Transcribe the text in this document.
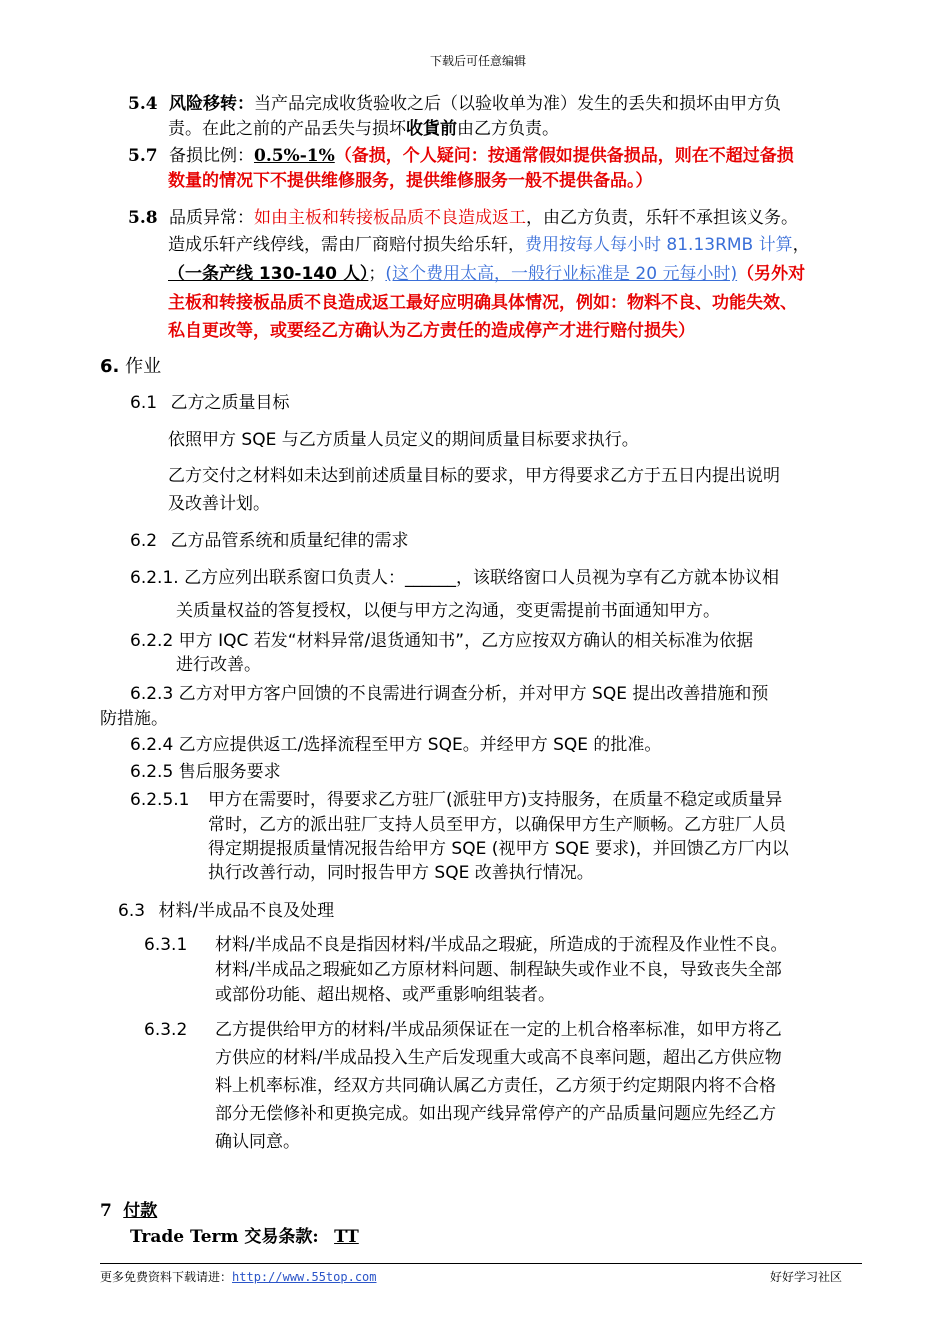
下载后可任意编辑
5.4 风险移转：当产品完成收货验收之后（以验收单为准）发生的丢失和损坏由甲方负
责。在此之前的产品丢失与损坏收貨前由乙方负责。
5.7 备损比例：0.5%-1%（备损，个人疑问：按通常假如提供备损品，则在不超过备损
数量的情况下不提供维修服务，提供维修服务一般不提供备品。）
5.8 品质异常：如由主板和转接板品质不良造成返工，由乙方负责，乐轩不承担该义务。
造成乐轩产线停线，需由厂商赔付损失给乐轩，费用按每人每小时 81.13RMB 计算，
（一条产线 130-140 人）；(这个费用太高，一般行业标准是 20 元每小时)（另外对
主板和转接板品质不良造成返工最好应明确具体情况，例如：物料不良、功能失效、
私自更改等，或要经乙方确认为乙方责任的造成停产才进行赔付损失）
6. 作业
6.1 乙方之质量目标
依照甲方 SQE 与乙方质量人员定义的期间质量目标要求执行。
乙方交付之材料如未达到前述质量目标的要求，甲方得要求乙方于五日内提出说明
及改善计划。
6.2 乙方品管系统和质量纪律的需求
6.2.1. 乙方应列出联系窗口负责人：______，该联络窗口人员视为享有乙方就本协议相
关质量权益的答复授权，以便与甲方之沟通，变更需提前书面通知甲方。
6.2.2 甲方 IQC 若发“材料异常/退货通知书”，乙方应按双方确认的相关标准为依据
进行改善。
6.2.3 乙方对甲方客户回馈的不良需进行调查分析，并对甲方 SQE 提出改善措施和预
防措施。
6.2.4 乙方应提供返工/选择流程至甲方 SQE。并经甲方 SQE 的批准。
6.2.5 售后服务要求
6.2.5.1 甲方在需要时，得要求乙方驻厂(派驻甲方)支持服务，在质量不稳定或质量异
常时，乙方的派出驻厂支持人员至甲方，以确保甲方生产顺畅。乙方驻厂人员
得定期提报质量情况报告给甲方 SQE (视甲方 SQE 要求)，并回馈乙方厂内以
执行改善行动，同时报告甲方 SQE 改善执行情况。
6.3 材料/半成品不良及处理
6.3.1 材料/半成品不良是指因材料/半成品之瑕疵，所造成的于流程及作业性不良。
材料/半成品之瑕疵如乙方原材料问题、制程缺失或作业不良，导致丧失全部
或部份功能、超出规格、或严重影响组装者。
6.3.2 乙方提供给甲方的材料/半成品须保证在一定的上机合格率标准，如甲方将乙
方供应的材料/半成品投入生产后发现重大或高不良率问题，超出乙方供应物
料上机率标准，经双方共同确认属乙方责任，乙方须于约定期限内将不合格
部分无偿修补和更换完成。如出现产线异常停产的产品质量问题应先经乙方
确认同意。
7 付款
Trade Term 交易条款: TT
更多免费资料下载请进：http://www.55top.com	好好学习社区
